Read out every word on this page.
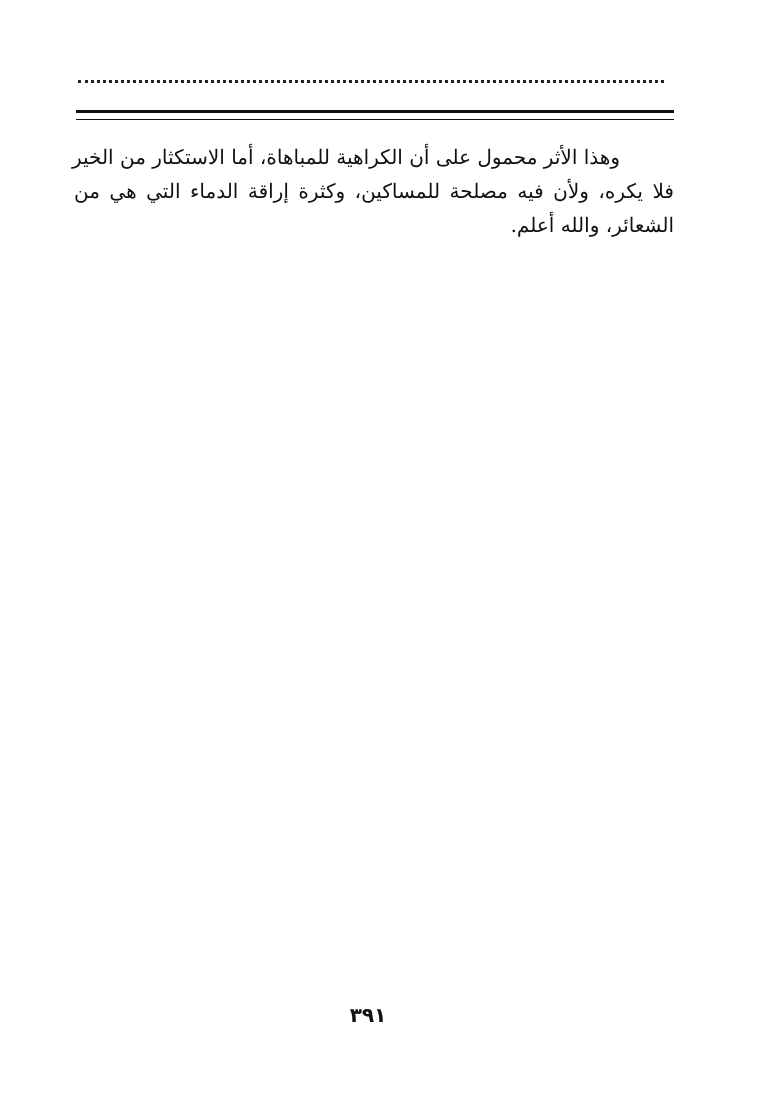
وهذا الأثر محمول على أن الكراهية للمباهاة، أما الاستكثار من الخير
فلا يكره، ولأن فيه مصلحة للمساكين، وكثرة إراقة الدماء التي هي من
الشعائر، والله أعلم.
٣٩١
